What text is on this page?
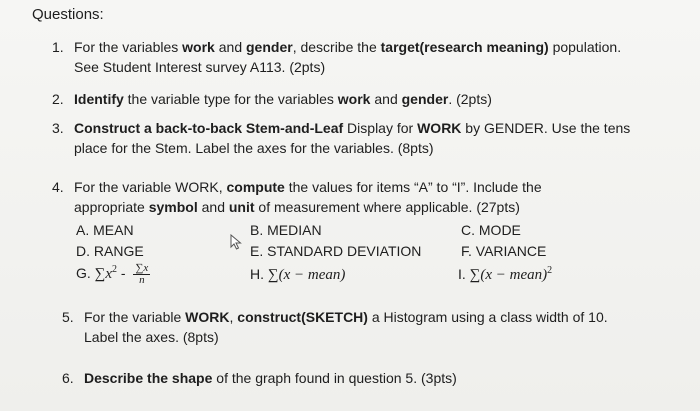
Questions:
1. For the variables work and gender, describe the target(research meaning) population.
See Student Interest survey A113. (2pts)
2. Identify the variable type for the variables work and gender. (2pts)
3. Construct a back-to-back Stem-and-Leaf Display for WORK by GENDER. Use the tens
place for the Stem. Label the axes for the variables. (8pts)
4. For the variable WORK, compute the values for items “A” to “I”. Include the
appropriate symbol and unit of measurement where applicable. (27pts)
A. MEAN	B. MEDIAN	C. MODE
D. RANGE	E. STANDARD DEVIATION	F. VARIANCE
G. $\sum x^2 - \frac{\sum x}{n}$	H. ∑(x − mean)	I. ∑(x − mean)$^2$
5. For the variable WORK, construct(SKETCH) a Histogram using a class width of 10.
Label the axes. (8pts)
6. Describe the shape of the graph found in question 5. (3pts)
